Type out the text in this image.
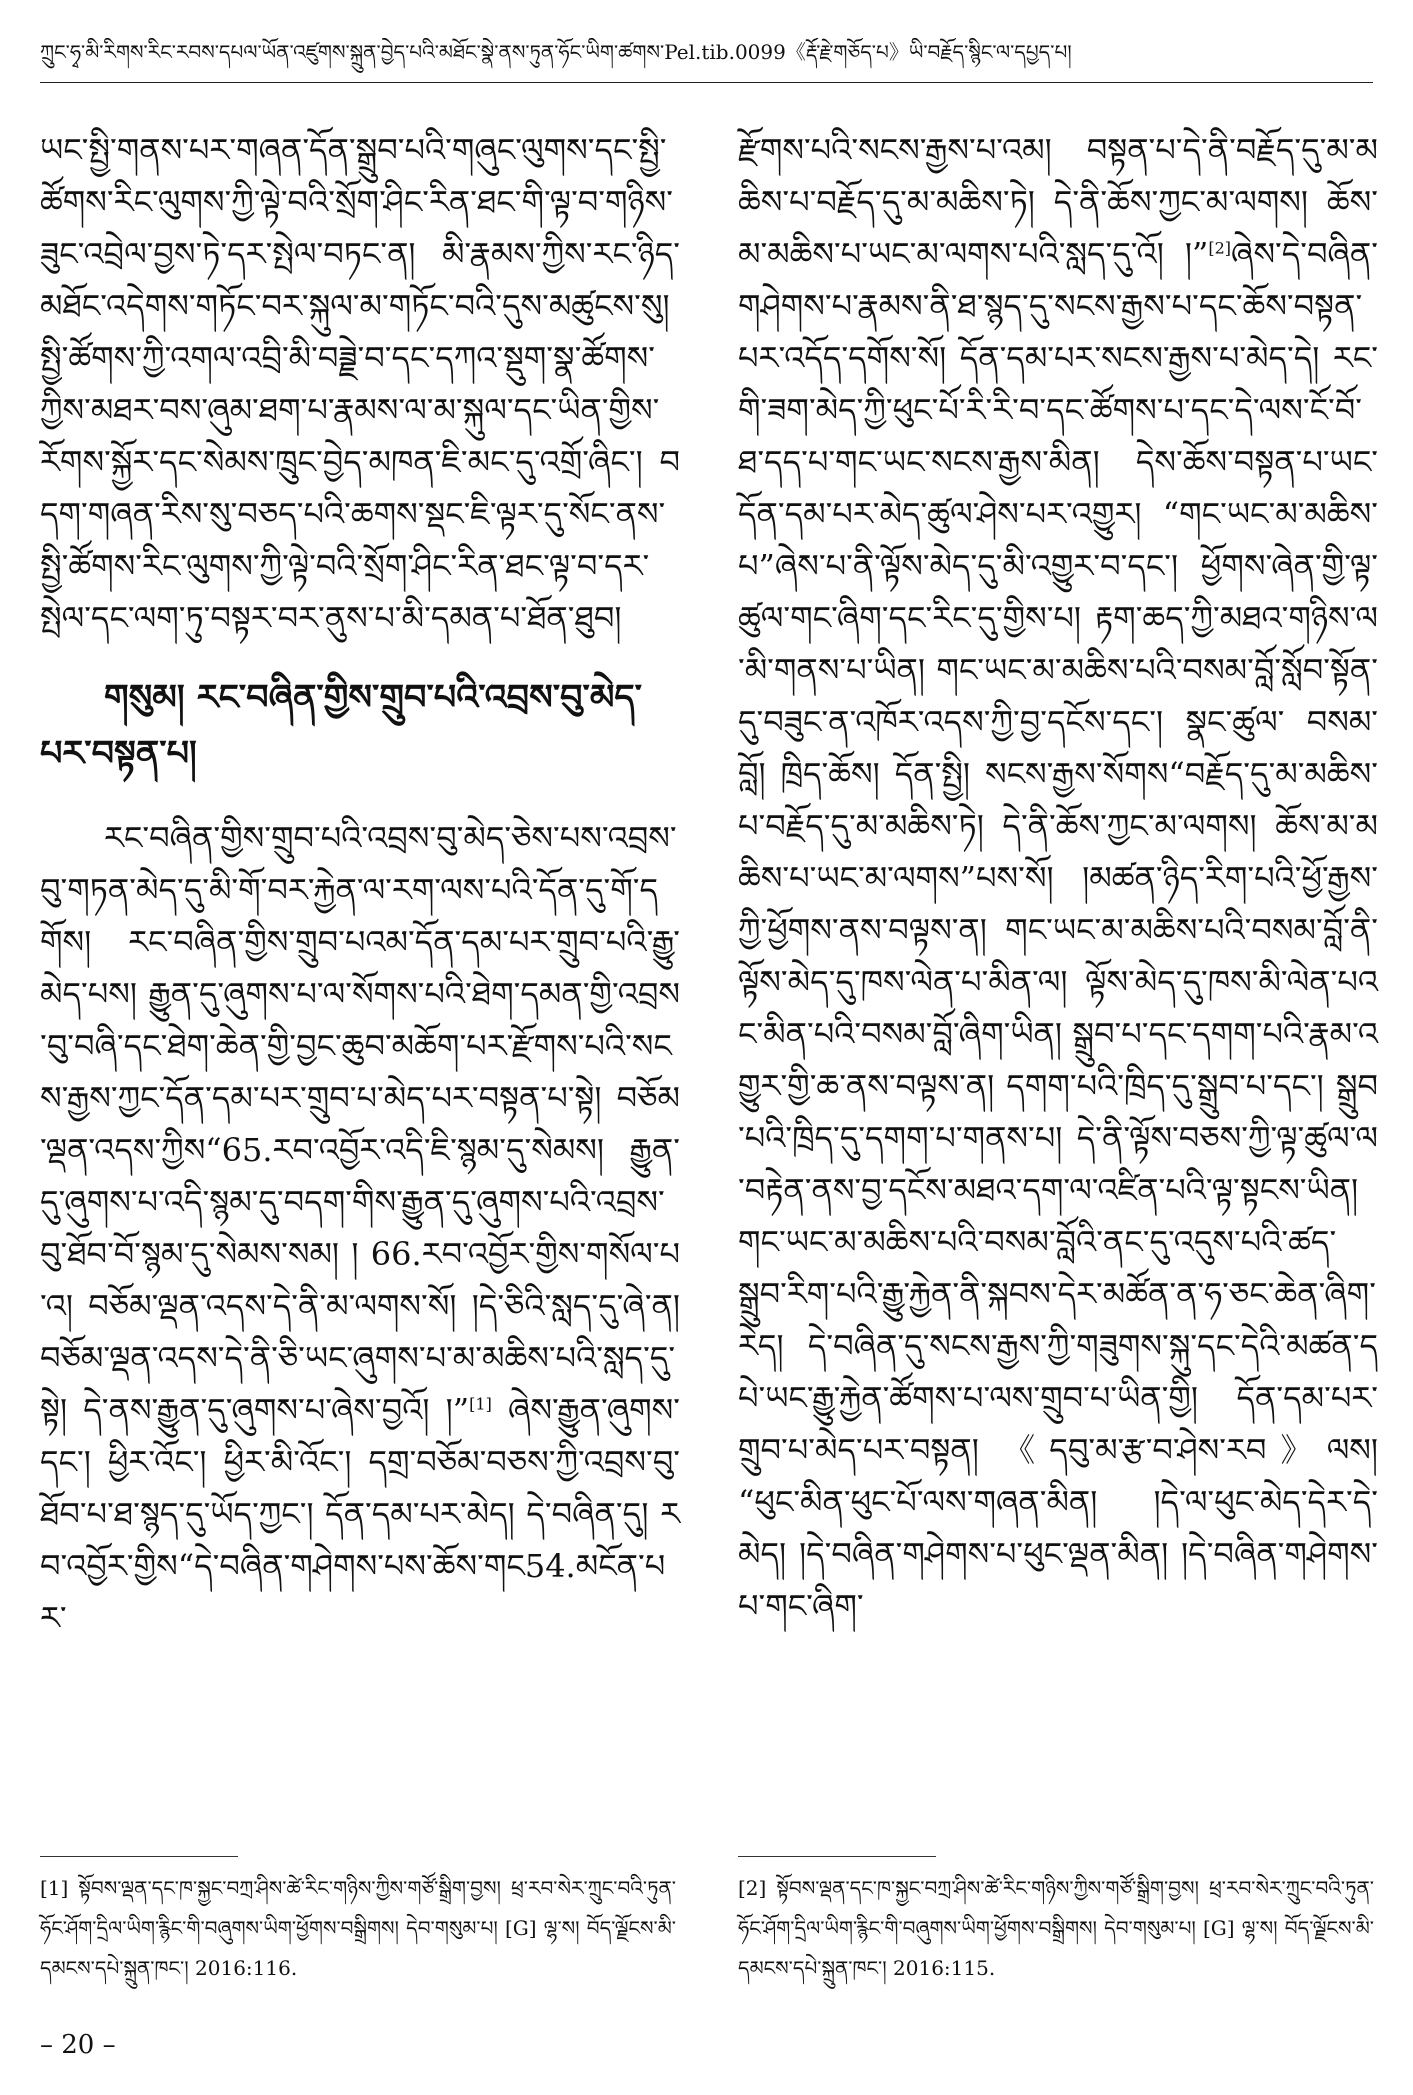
ཀྲུང་ཧྭ་མི་རིགས་རིང་རབས་དཔལ་ཡོན་འཛུགས་སྐྲུན་བྱེད་པའི་མཐོང་སྣེ་ནས་ཏུན་ཧོང་ཡིག་ཚགས་Pel.tib.0099《རྡོ་རྗེ་གཅོད་པ》ཡི་བརྗོད་སྙིང་ལ་དཔྱད་པ།

ཡང་སྤྱི་གནས་པར་གཞན་དོན་སྒྲུབ་པའི་གཞུང་ལུགས་དང་སྤྱི་ཚོགས་རིང་ལུགས་ཀྱི་ལྟེ་བའི་སྲོག་ཤིང་རིན་ཐང་གི་ལྟ་བ་གཉིས་ཟུང་འབྲེལ་བྱས་ཏེ་དར་སྤེལ་བཏང་ན། མི་རྣམས་ཀྱིས་རང་ཉིད་མཐོང་འདེགས་གཏོང་བར་སྐུལ་མ་གཏོང་བའི་དུས་མཚུངས་སུ། སྤྱི་ཚོགས་ཀྱི་འགལ་འབྲི་མི་བཟྗེ་བ་དང་དཀའ་སྡུག་སྣ་ཚོགས་ཀྱིས་མཐར་བས་ཞུམ་ཐག་པ་རྣམས་ལ་མ་སྐུལ་དང་ཡིན་གྱིས་རོགས་སྐྱོར་དང་སེམས་ཁྲུང་བྱེད་མཁན་ཇི་མང་དུ་འགྲོ་ཞིང་། བདག་གཞན་རིས་སུ་བཅད་པའི་ཆགས་སྡང་ཇི་ལྟར་དུ་སོང་ནས་སྤྱི་ཚོགས་རིང་ལུགས་ཀྱི་ལྟེ་བའི་སྲོག་ཤིང་རིན་ཐང་ལྟ་བ་དར་སྤེལ་དང་ལག་ཏུ་བསྟར་བར་ནུས་པ་མི་དམན་པ་ཐོན་ཐུབ།

གསུམ། རང་བཞིན་གྱིས་གྲུབ་པའི་འབྲས་བུ་མེད་པར་བསྟན་པ།

རང་བཞིན་གྱིས་གྲུབ་པའི་འབྲས་བུ་མེད་ཅེས་པས་འབྲས་བུ་གཏན་མེད་དུ་མི་གོ་བར་རྐྱེན་ལ་རག་ལས་པའི་དོན་དུ་གོ་དགོས། རང་བཞིན་གྱིས་གྲུབ་པའམ་དོན་དམ་པར་གྲུབ་པའི་རྒྱུ་མེད་པས། རྒྱུན་དུ་ཞུགས་པ་ལ་སོགས་པའི་ཐེག་དམན་གྱི་འབྲས་བུ་བཞི་དང་ཐེག་ཆེན་གྱི་བྱང་ཆུབ་མཆོག་པར་རྫོགས་པའི་སངས་རྒྱས་ཀྱང་དོན་དམ་པར་གྲུབ་པ་མེད་པར་བསྟན་པ་སྟེ། བཅོམ་ལྡན་འདས་ཀྱིས“65.རབ་འབྱོར་འདི་ཇི་སྙམ་དུ་སེམས། རྒྱུན་དུ་ཞུགས་པ་འདི་སྙམ་དུ་བདག་གིས་རྒྱུན་དུ་ཞུགས་པའི་འབྲས་བུ་ཐོབ་བོ་སྙམ་དུ་སེམས་སམ། ། 66.རབ་འབྱོར་གྱིས་གསོལ་པ་འ། བཅོམ་ལྡན་འདས་དེ་ནི་མ་ལགས་སོ། །དེ་ཅིའི་སླད་དུ་ཞེ་ན། བཅོམ་ལྡན་འདས་དེ་ནི་ཅི་ཡང་ཞུགས་པ་མ་མཆིས་པའི་སླད་དུ་སྟེ། དེ་ནས་རྒྱུན་དུ་ཞུགས་པ་ཞེས་བྱའོ། །”[1] ཞེས་རྒྱུན་ཞུགས་དང་། ཕྱིར་འོང་། ཕྱིར་མི་འོང་། དགྲ་བཅོམ་བཅས་ཀྱི་འབྲས་བུ་ཐོབ་པ་ཐ་སྙད་དུ་ཡོད་ཀྱང་། དོན་དམ་པར་མེད། དེ་བཞིན་དུ། རབ་འབྱོར་གྱིས“དེ་བཞིན་གཤེགས་པས་ཆོས་གང54.མངོན་པར་

རྫོགས་པའི་སངས་རྒྱས་པ་འམ། བསྟན་པ་དེ་ནི་བརྗོད་དུ་མ་མཆིས་པ་བརྗོད་དུ་མ་མཆིས་ཏེ། དེ་ནི་ཆོས་ཀྱང་མ་ལགས། ཆོས་མ་མཆིས་པ་ཡང་མ་ལགས་པའི་སླད་དུ་འོ། །”[2]ཞེས་དེ་བཞིན་གཤེགས་པ་རྣམས་ནི་ཐ་སྙད་དུ་སངས་རྒྱས་པ་དང་ཆོས་བསྟན་པར་འདོད་དགོས་སོ། དོན་དམ་པར་སངས་རྒྱས་པ་མེད་དེ། རང་གི་ཟག་མེད་ཀྱི་ཕུང་པོ་རི་རི་བ་དང་ཚོགས་པ་དང་དེ་ལས་ངོ་བོ་ཐ་དད་པ་གང་ཡང་སངས་རྒྱས་མིན། དེས་ཆོས་བསྟན་པ་ཡང་དོན་དམ་པར་མེད་ཚུལ་ཤེས་པར་འགྱུར། “གང་ཡང་མ་མཆིས་པ”ཞེས་པ་ནི་ལྟོས་མེད་དུ་མི་འགྱུར་བ་དང་། ཕྱོགས་ཞེན་གྱི་ལྟ་ཚུལ་གང་ཞིག་དང་རིང་དུ་གྱིས་པ། རྟག་ཆད་ཀྱི་མཐའ་གཉིས་ལ་མི་གནས་པ་ཡིན། གང་ཡང་མ་མཆིས་པའི་བསམ་བློ་སློབ་སྟོན་དུ་བཟུང་ན་འཁོར་འདས་ཀྱི་བྱ་དངོས་དང་། སྣང་ཚུལ་ བསམ་བློ། ཁྲིད་ཆོས། དོན་སྤྱི། སངས་རྒྱས་སོགས“བརྗོད་དུ་མ་མཆིས་པ་བརྗོད་དུ་མ་མཆིས་ཏེ། དེ་ནི་ཆོས་ཀྱང་མ་ལགས། ཆོས་མ་མཆིས་པ་ཡང་མ་ལགས”པས་སོ། །མཚན་ཉིད་རིག་པའི་ཕྱོ་རྒྱས་ཀྱི་ཕྱོགས་ནས་བལྟས་ན། གང་ཡང་མ་མཆིས་པའི་བསམ་བློ་ནི་ལྟོས་མེད་དུ་ཁས་ལེན་པ་མིན་ལ། ལྟོས་མེད་དུ་ཁས་མི་ལེན་པའང་མིན་པའི་བསམ་བློ་ཞིག་ཡིན། སྒྲུབ་པ་དང་དགག་པའི་རྣམ་འགྱུར་གྱི་ཆ་ནས་བལྟས་ན། དགག་པའི་ཁྲིད་དུ་སྒྲུབ་པ་དང་། སྒྲུབ་པའི་ཁྲིད་དུ་དགག་པ་གནས་པ། དེ་ནི་ལྟོས་བཅས་ཀྱི་ལྟ་ཚུལ་ལ་བརྟེན་ནས་བྱ་དངོས་མཐའ་དག་ལ་འཛིན་པའི་ལྟ་སྟངས་ཡིན། གང་ཡང་མ་མཆིས་པའི་བསམ་བློའི་ནང་དུ་འདུས་པའི་ཚད་སྒྲུབ་རིག་པའི་རྒྱུ་རྐྱེན་ནི་སྐབས་དེར་མཚོན་ན་ཧ་ཅང་ཆེན་ཞིག་རེད། དེ་བཞིན་དུ་སངས་རྒྱས་ཀྱི་གཟུགས་སྐུ་དང་དེའི་མཚན་དཔེ་ཡང་རྒྱུ་རྐྱེན་ཚོགས་པ་ལས་གྲུབ་པ་ཡིན་གྱི། དོན་དམ་པར་གྲུབ་པ་མེད་པར་བསྟན། 《དབུ་མ་རྩ་བ་ཤེས་རབ》ལས། “ཕུང་མིན་ཕུང་པོ་ལས་གཞན་མིན། །དེ་ལ་ཕུང་མེད་དེར་དེ་མེད། །དེ་བཞིན་གཤེགས་པ་ཕུང་ལྡན་མིན། །དེ་བཞིན་གཤེགས་པ་གང་ཞིག་

[1] སྟོབས་ལྡན་དང་ཁ་སྐྱང་བཀྲ་ཤིས་ཚེ་རིང་གཉིས་ཀྱིས་གཙོ་སྒྲིག་བྱས། ཕྲ་རབ་སེར་ཀྲུང་བའི་ཏུན་ཧོང་ཤོག་དྲིལ་ཡིག་རྙིང་གི་བཞུགས་ཡིག་ཕྱོགས་བསྒྲིགས། དེབ་གསུམ་པ། [G] ལྷ་ས། བོད་ལྗོངས་མི་དམངས་དཔེ་སྐྲུན་ཁང་། 2016:116.
[2] སྟོབས་ལྡན་དང་ཁ་སྐྱང་བཀྲ་ཤིས་ཚེ་རིང་གཉིས་ཀྱིས་གཙོ་སྒྲིག་བྱས། ཕྲ་རབ་སེར་ཀྲུང་བའི་ཏུན་ཧོང་ཤོག་དྲིལ་ཡིག་རྙིང་གི་བཞུགས་ཡིག་ཕྱོགས་བསྒྲིགས། དེབ་གསུམ་པ། [G] ལྷ་ས། བོད་ལྗོངས་མི་དམངས་དཔེ་སྐྲུན་ཁང་། 2016:115.
– 20 –
